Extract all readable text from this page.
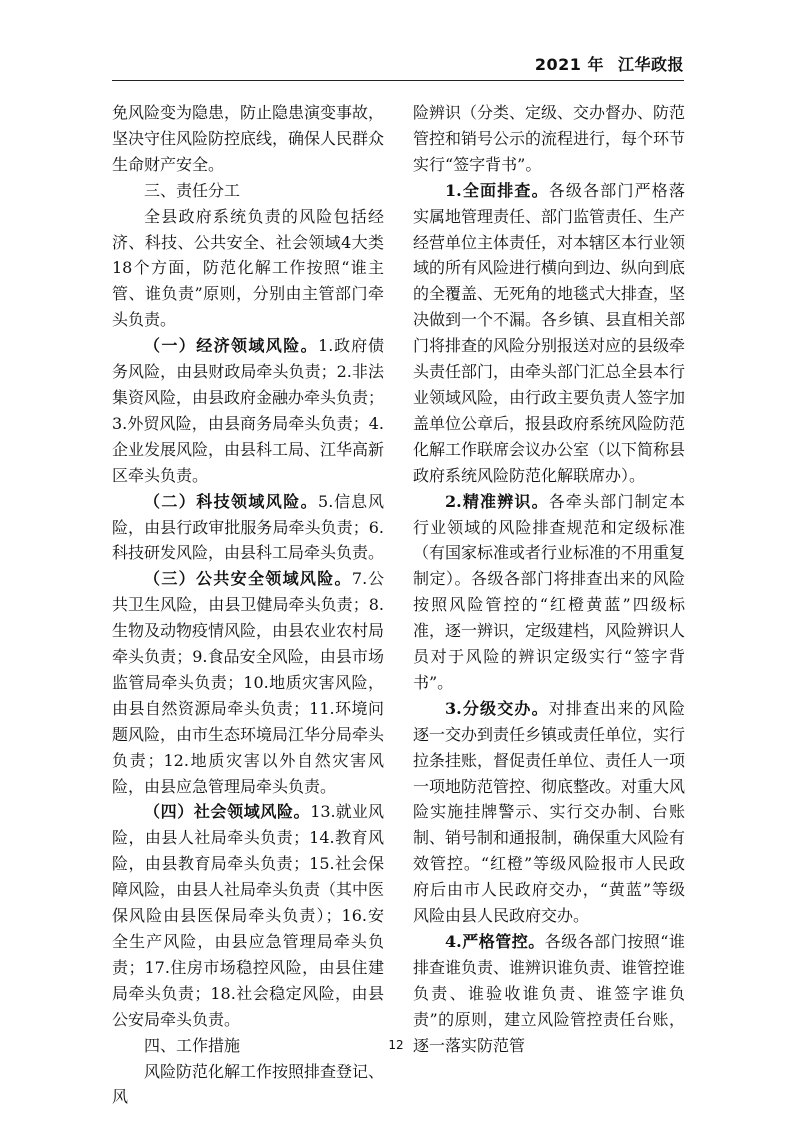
2021 年 江华政报

免风险变为隐患，防止隐患演变事故，坚决守住风险防控底线，确保人民群众生命财产安全。

三、责任分工

全县政府系统负责的风险包括经济、科技、公共安全、社会领域4大类18个方面，防范化解工作按照“谁主管、谁负责”原则，分别由主管部门牵头负责。

（一）经济领域风险。1.政府债务风险，由县财政局牵头负责；2.非法集资风险，由县政府金融办牵头负责；3.外贸风险，由县商务局牵头负责；4.企业发展风险，由县科工局、江华高新区牵头负责。

（二）科技领域风险。5.信息风险，由县行政审批服务局牵头负责；6.科技研发风险，由县科工局牵头负责。

（三）公共安全领域风险。7.公共卫生风险，由县卫健局牵头负责；8.生物及动物疫情风险，由县农业农村局牵头负责；9.食品安全风险，由县市场监管局牵头负责；10.地质灾害风险，由县自然资源局牵头负责；11.环境问题风险，由市生态环境局江华分局牵头负责；12.地质灾害以外自然灾害风险，由县应急管理局牵头负责。

（四）社会领域风险。13.就业风险，由县人社局牵头负责；14.教育风险，由县教育局牵头负责；15.社会保障风险，由县人社局牵头负责（其中医保风险由县医保局牵头负责）；16.安全生产风险，由县应急管理局牵头负责；17.住房市场稳控风险，由县住建局牵头负责；18.社会稳定风险，由县公安局牵头负责。

四、工作措施

风险防范化解工作按照排查登记、风

险辨识（分类、定级、交办督办、防范管控和销号公示的流程进行，每个环节实行“签字背书”。

1.全面排查。各级各部门严格落实属地管理责任、部门监管责任、生产经营单位主体责任，对本辖区本行业领域的所有风险进行横向到边、纵向到底的全覆盖、无死角的地毯式大排查，坚决做到一个不漏。各乡镇、县直相关部门将排查的风险分别报送对应的县级牵头责任部门，由牵头部门汇总全县本行业领域风险，由行政主要负责人签字加盖单位公章后，报县政府系统风险防范化解工作联席会议办公室（以下简称县政府系统风险防范化解联席办）。

2.精准辨识。各牵头部门制定本行业领域的风险排查规范和定级标准（有国家标准或者行业标准的不用重复制定）。各级各部门将排查出来的风险按照风险管控的“红橙黄蓝”四级标准，逐一辨识，定级建档，风险辨识人员对于风险的辨识定级实行“签字背书”。

3.分级交办。对排查出来的风险逐一交办到责任乡镇或责任单位，实行拉条挂账，督促责任单位、责任人一项一项地防范管控、彻底整改。对重大风险实施挂牌警示、实行交办制、台账制、销号制和通报制，确保重大风险有效管控。“红橙”等级风险报市人民政府后由市人民政府交办，“黄蓝”等级风险由县人民政府交办。

4.严格管控。各级各部门按照“谁排查谁负责、谁辨识谁负责、谁管控谁负责、谁验收谁负责、谁签字谁负责”的原则，建立风险管控责任台账，逐一落实防范管

12
